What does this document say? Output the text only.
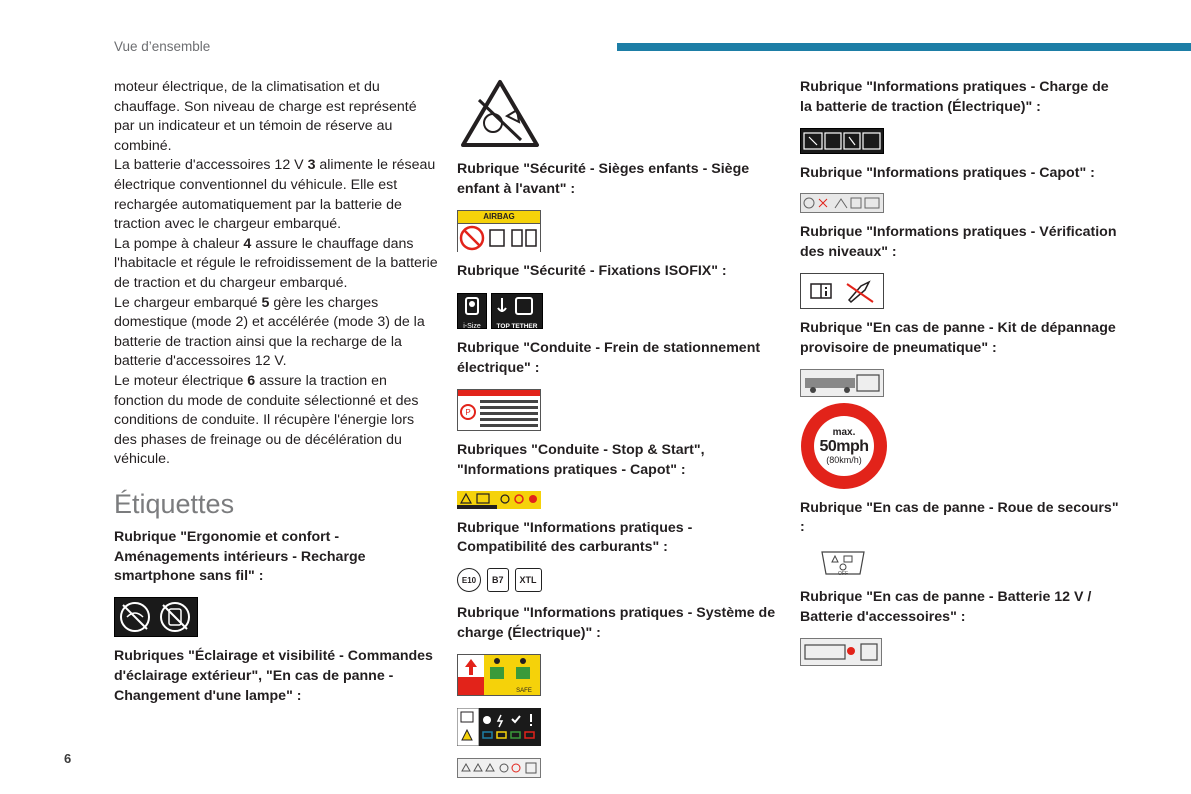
Vue d’ensemble

moteur électrique, de la climatisation et du chauffage. Son niveau de charge est représenté par un indicateur et un témoin de réserve au combiné.

La batterie d'accessoires 12 V 3 alimente le réseau électrique conventionnel du véhicule. Elle est rechargée automatiquement par la batterie de traction avec le chargeur embarqué.

La pompe à chaleur 4 assure le chauffage dans l'habitacle et régule le refroidissement de la batterie de traction et du chargeur embarqué.

Le chargeur embarqué 5 gère les charges domestique (mode 2) et accélérée (mode 3) de la batterie de traction ainsi que la recharge de la batterie d'accessoires 12 V.

Le moteur électrique 6 assure la traction en fonction du mode de conduite sélectionné et des conditions de conduite. Il récupère l'énergie lors des phases de freinage ou de décélération du véhicule.

Étiquettes

Rubrique "Ergonomie et confort - Aménagements intérieurs - Recharge smartphone sans fil" :

Rubriques "Éclairage et visibilité - Commandes d'éclairage extérieur", "En cas de panne - Changement d'une lampe" :

Rubrique "Sécurité - Sièges enfants - Siège enfant à l'avant" :

AIRBAG

Rubrique "Sécurité - Fixations ISOFIX" :

i-Size	TOP TETHER

Rubrique "Conduite - Frein de stationnement électrique" :

P

Rubriques "Conduite - Stop & Start", "Informations pratiques - Capot" :

Rubrique "Informations pratiques - Compatibilité des carburants" :

E10	B7	XTL

Rubrique "Informations pratiques - Système de charge (Électrique)" :

SAFE

Rubrique "Informations pratiques - Charge de la batterie de traction (Électrique)" :

Rubrique "Informations pratiques - Capot" :

Rubrique "Informations pratiques - Vérification des niveaux" :

Rubrique "En cas de panne - Kit de dépannage provisoire de pneumatique" :

max.
50mph
(80km/h)

Rubrique "En cas de panne - Roue de secours" :

OFF

Rubrique "En cas de panne - Batterie 12 V / Batterie d'accessoires" :

6
